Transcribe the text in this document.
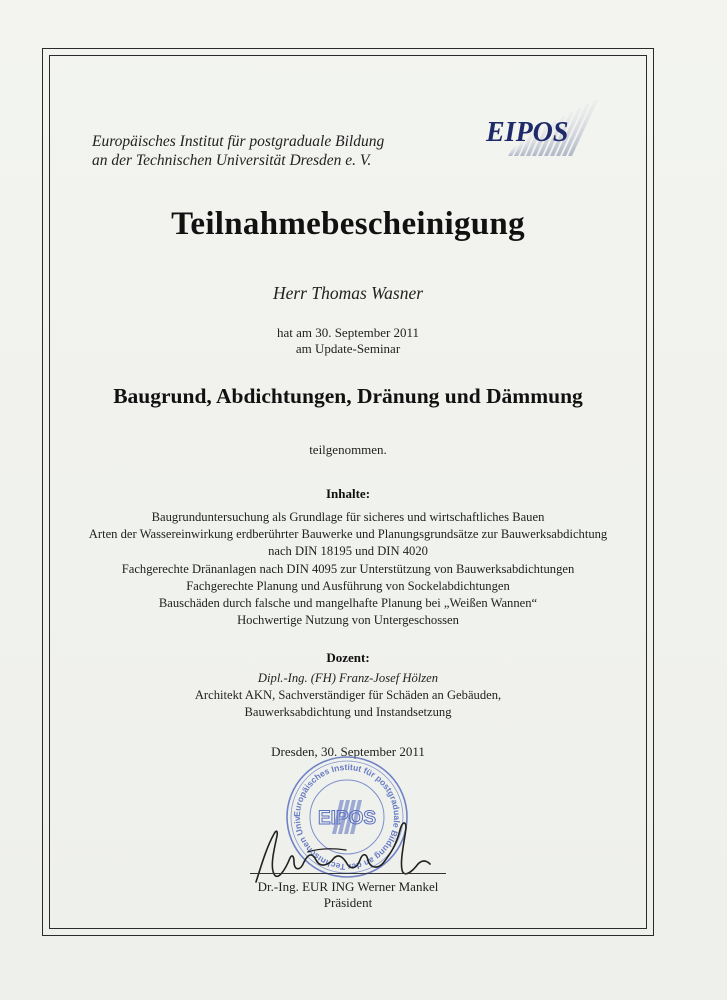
Europäisches Institut für postgraduale Bildung
an der Technischen Universität Dresden e. V.
EIPOS
Teilnahmebescheinigung
Herr Thomas Wasner
hat am 30. September 2011
am Update-Seminar
Baugrund, Abdichtungen, Dränung und Dämmung
teilgenommen.
Inhalte:
Baugrunduntersuchung als Grundlage für sicheres und wirtschaftliches Bauen
Arten der Wassereinwirkung erdberührter Bauwerke und Planungsgrundsätze zur Bauwerksabdichtung
nach DIN 18195 und DIN 4020
Fachgerechte Dränanlagen nach DIN 4095 zur Unterstützung von Bauwerksabdichtungen
Fachgerechte Planung und Ausführung von Sockelabdichtungen
Bauschäden durch falsche und mangelhafte Planung bei „Weißen Wannen“
Hochwertige Nutzung von Untergeschossen
Dozent:
Dipl.-Ing. (FH) Franz-Josef Hölzen
Architekt AKN, Sachverständiger für Schäden an Gebäuden,
Bauwerksabdichtung und Instandsetzung
Dresden, 30. September 2011
Europäisches Institut für postgraduale Bildung an der Technischen Univ EIPOS
Dr.-Ing. EUR ING Werner Mankel
Präsident
